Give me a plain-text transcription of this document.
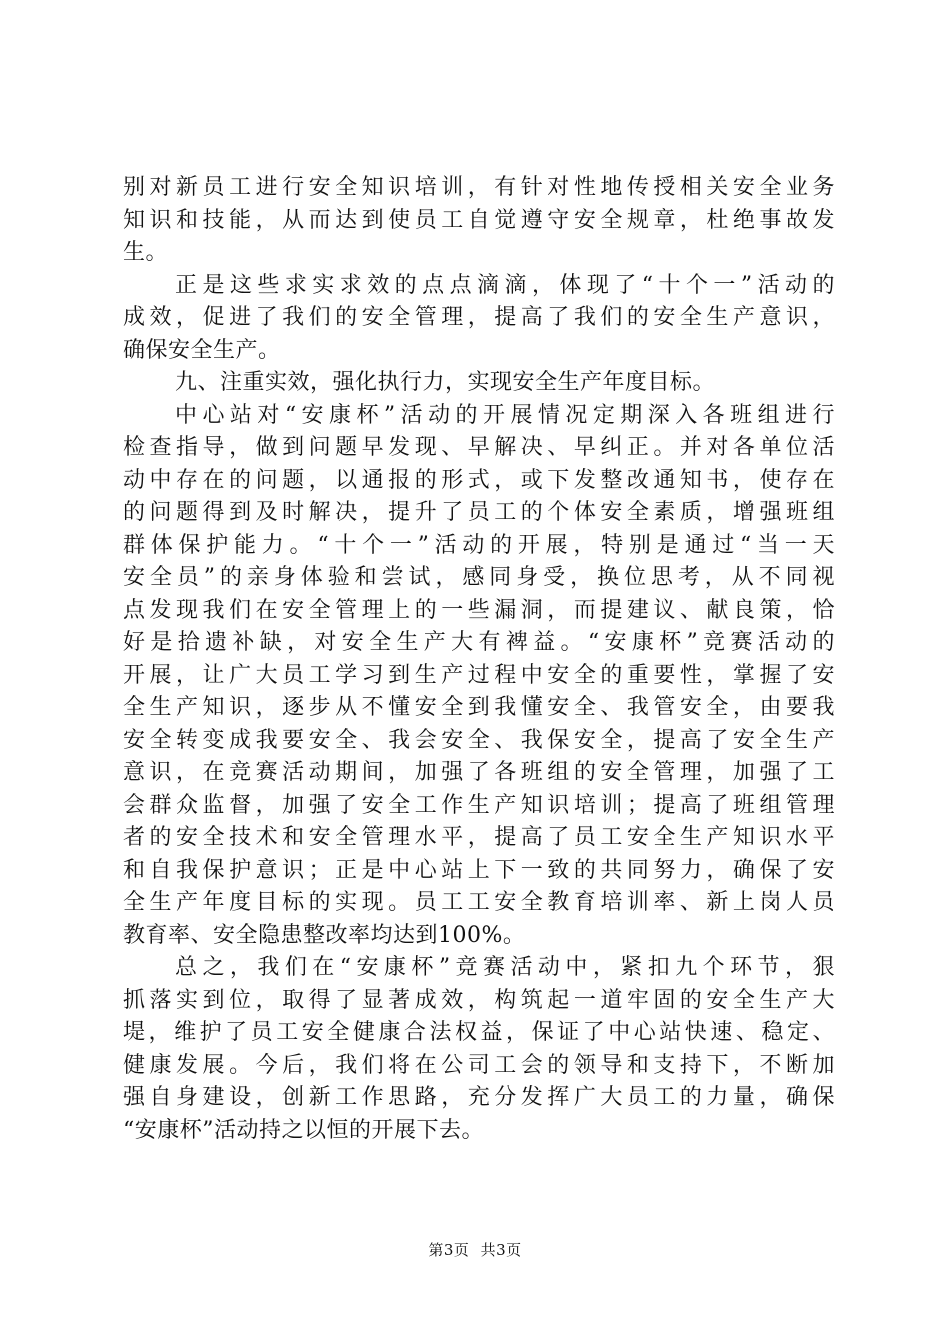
别对新员工进行安全知识培训，有针对性地传授相关安全业务
知识和技能，从而达到使员工自觉遵守安全规章，杜绝事故发
生。

正是这些求实求效的点点滴滴，体现了“十个一”活动的
成效，促进了我们的安全管理，提高了我们的安全生产意识，
确保安全生产。

九、注重实效，强化执行力，实现安全生产年度目标。

中心站对“安康杯”活动的开展情况定期深入各班组进行
检查指导，做到问题早发现、早解决、早纠正。并对各单位活
动中存在的问题，以通报的形式，或下发整改通知书，使存在
的问题得到及时解决，提升了员工的个体安全素质，增强班组
群体保护能力。“十个一”活动的开展，特别是通过“当一天
安全员”的亲身体验和尝试，感同身受，换位思考，从不同视
点发现我们在安全管理上的一些漏洞，而提建议、献良策，恰
好是拾遗补缺，对安全生产大有裨益。“安康杯”竞赛活动的
开展，让广大员工学习到生产过程中安全的重要性，掌握了安
全生产知识，逐步从不懂安全到我懂安全、我管安全，由要我
安全转变成我要安全、我会安全、我保安全，提高了安全生产
意识，在竞赛活动期间，加强了各班组的安全管理，加强了工
会群众监督，加强了安全工作生产知识培训；提高了班组管理
者的安全技术和安全管理水平，提高了员工安全生产知识水平
和自我保护意识；正是中心站上下一致的共同努力，确保了安
全生产年度目标的实现。员工工安全教育培训率、新上岗人员
教育率、安全隐患整改率均达到100%。

总之，我们在“安康杯”竞赛活动中，紧扣九个环节，狠
抓落实到位，取得了显著成效，构筑起一道牢固的安全生产大
堤，维护了员工安全健康合法权益，保证了中心站快速、稳定、
健康发展。今后，我们将在公司工会的领导和支持下，不断加
强自身建设，创新工作思路，充分发挥广大员工的力量，确保
“安康杯”活动持之以恒的开展下去。

第3页 共3页
